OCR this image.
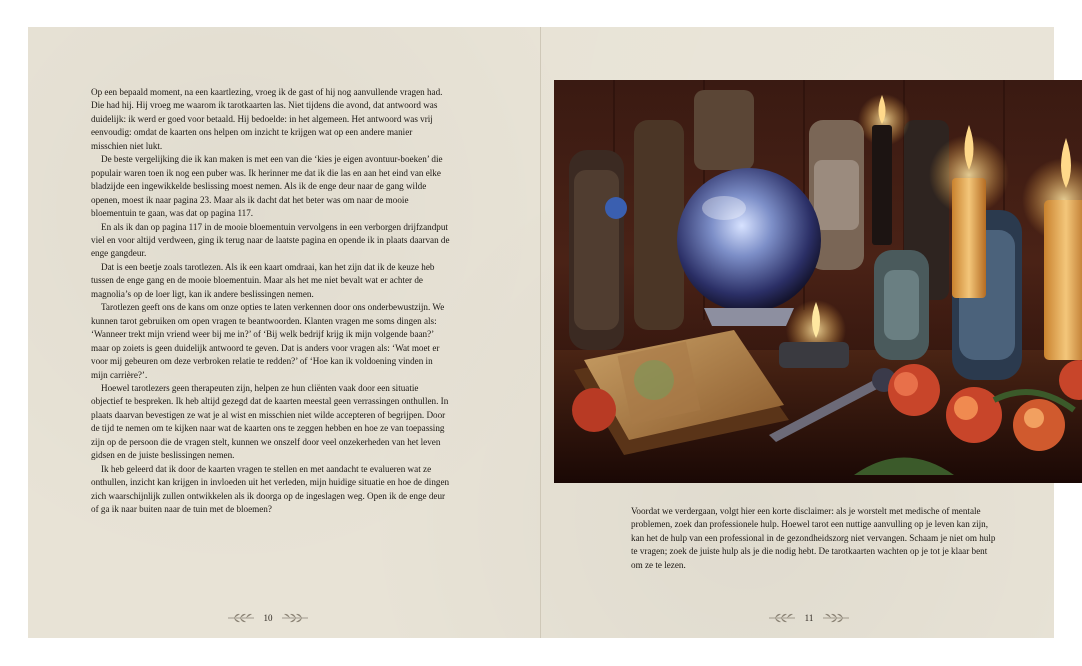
Op een bepaald moment, na een kaartlezing, vroeg ik de gast of hij nog aanvullende vragen had. Die had hij. Hij vroeg me waarom ik tarotkaarten las. Niet tijdens die avond, dat antwoord was duidelijk: ik werd er goed voor betaald. Hij bedoelde: in het algemeen. Het antwoord was vrij eenvoudig: omdat de kaarten ons helpen om inzicht te krijgen wat op een andere manier misschien niet lukt.

De beste vergelijking die ik kan maken is met een van die ‘kies je eigen avontuur-boeken’ die populair waren toen ik nog een puber was. Ik herinner me dat ik die las en aan het eind van elke bladzijde een ingewikkelde beslissing moest nemen. Als ik de enge deur naar de gang wilde openen, moest ik naar pagina 23. Maar als ik dacht dat het beter was om naar de mooie bloementuin te gaan, was dat op pagina 117.

En als ik dan op pagina 117 in de mooie bloementuin vervolgens in een verborgen drijfzandput viel en voor altijd verdween, ging ik terug naar de laatste pagina en opende ik in plaats daarvan de enge gangdeur.

Dat is een beetje zoals tarotlezen. Als ik een kaart omdraai, kan het zijn dat ik de keuze heb tussen de enge gang en de mooie bloementuin. Maar als het me niet bevalt wat er achter de magnolia’s op de loer ligt, kan ik andere beslissingen nemen.

Tarotlezen geeft ons de kans om onze opties te laten verkennen door ons onderbewustzijn. We kunnen tarot gebruiken om open vragen te beantwoorden. Klanten vragen me soms dingen als: ‘Wanneer trekt mijn vriend weer bij me in?’ of ‘Bij welk bedrijf krijg ik mijn volgende baan?’ maar op zoiets is geen duidelijk antwoord te geven. Dat is anders voor vragen als: ‘Wat moet er voor mij gebeuren om deze verbroken relatie te redden?’ of ‘Hoe kan ik voldoening vinden in mijn carrière?’.

Hoewel tarotlezers geen therapeuten zijn, helpen ze hun cliënten vaak door een situatie objectief te bespreken. Ik heb altijd gezegd dat de kaarten meestal geen verrassingen onthullen. In plaats daarvan bevestigen ze wat je al wist en misschien niet wilde accepteren of begrijpen. Door de tijd te nemen om te kijken naar wat de kaarten ons te zeggen hebben en hoe ze van toepassing zijn op de persoon die de vragen stelt, kunnen we onszelf door veel onzekerheden van het leven gidsen en de juiste beslissingen nemen.

Ik heb geleerd dat ik door de kaarten vragen te stellen en met aandacht te evalueren wat ze onthullen, inzicht kan krijgen in invloeden uit het verleden, mijn huidige situatie en hoe de dingen zich waarschijnlijk zullen ontwikkelen als ik doorga op de ingeslagen weg. Open ik de enge deur of ga ik naar buiten naar de tuin met de bloemen?

10
Voordat we verdergaan, volgt hier een korte disclaimer: als je worstelt met medische of mentale problemen, zoek dan professionele hulp. Hoewel tarot een nuttige aanvulling op je leven kan zijn, kan het de hulp van een professional in de gezondheidszorg niet vervangen. Schaam je niet om hulp te vragen; zoek de juiste hulp als je die nodig hebt. De tarotkaarten wachten op je tot je klaar bent om ze te lezen.
11
